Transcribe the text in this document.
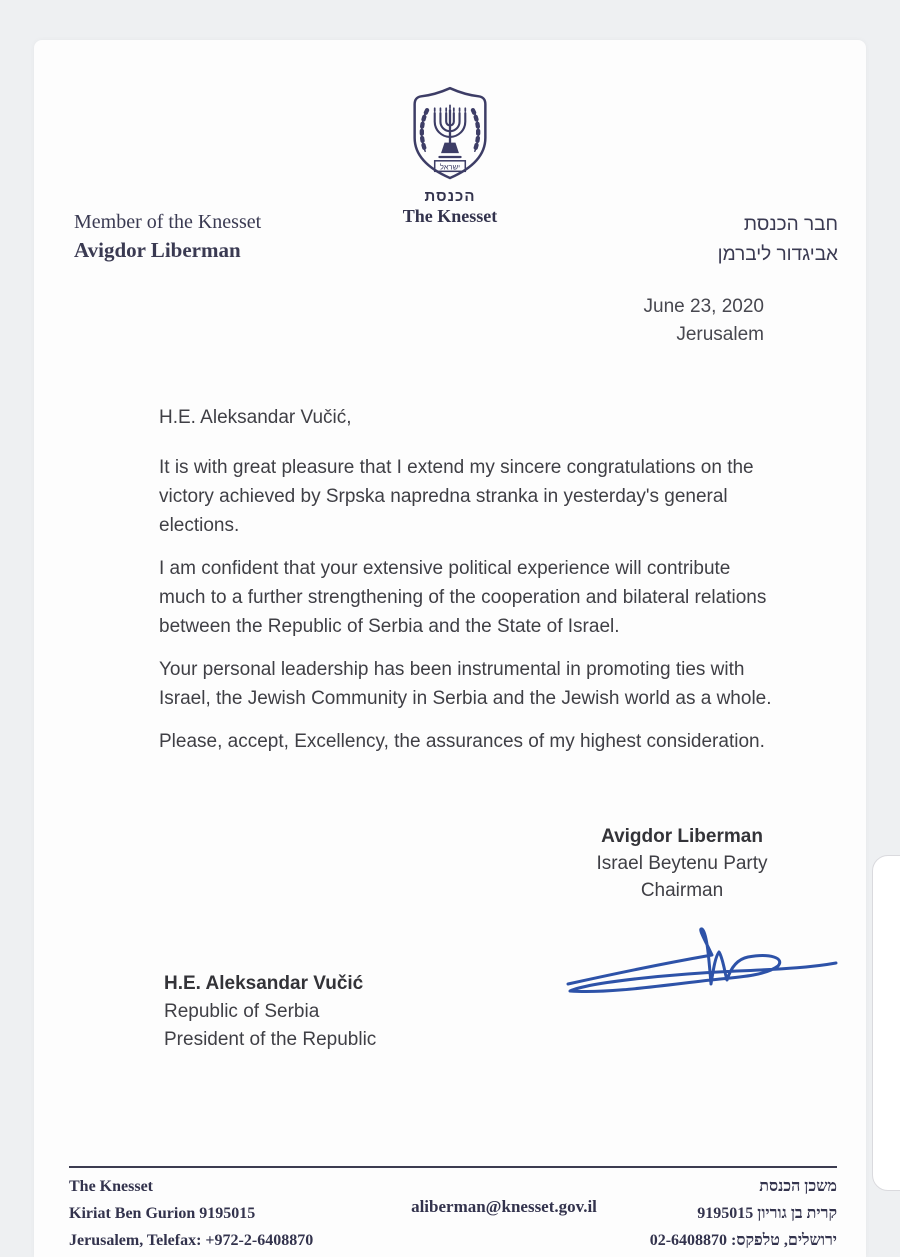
ישראל
הכנסת
The Knesset
Member of the Knesset
Avigdor Liberman
חבר הכנסת
אביגדור ליברמן
June 23, 2020
Jerusalem
H.E. Aleksandar Vučić,

It is with great pleasure that I extend my sincere congratulations on the victory achieved by Srpska napredna stranka in yesterday's general elections.

I am confident that your extensive political experience will contribute much to a further strengthening of the cooperation and bilateral relations between the Republic of Serbia and the State of Israel.

Your personal leadership has been instrumental in promoting ties with Israel, the Jewish Community in Serbia and the Jewish world as a whole.

Please, accept, Excellency, the assurances of my highest consideration.

Avigdor Liberman
Israel Beytenu Party
Chairman
H.E. Aleksandar Vučić
Republic of Serbia
President of the Republic
The Knesset
Kiriat Ben Gurion 9195015
Jerusalem, Telefax: +972-2-6408870
aliberman@knesset.gov.il
משכן הכנסת
קרית בן גוריון 9195015
ירושלים, טלפקס: 02-6408870
